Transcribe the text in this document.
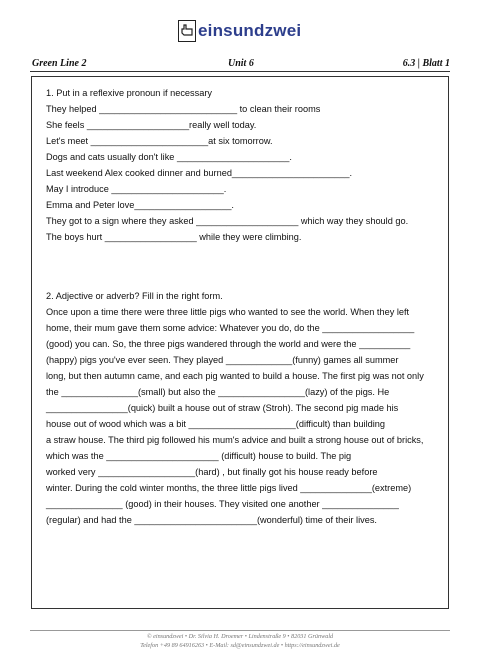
einsundzwei
Green Line 2	Unit 6	6.3 | Blatt 1
1. Put in a reflexive pronoun if necessary
They helped ___________________________ to clean their rooms
She feels ____________________really well today.
Let's meet _______________________at six tomorrow.
Dogs and cats usually don't like ______________________.
Last weekend Alex cooked dinner and burned_______________________.
May I introduce ______________________.
Emma and Peter love___________________.
They got to a sign where they asked ____________________ which way they should go.
The boys hurt __________________ while they were climbing.
2. Adjective or adverb? Fill in the right form.
Once upon a time there were three little pigs who wanted to see the world. When they left
home, their mum gave them some advice: Whatever you do, do the __________________
(good) you can. So, the three pigs wandered through the world and were the __________
(happy) pigs you've ever seen. They played _____________(funny) games all summer
long, but then autumn came, and each pig wanted to build a house. The first pig was not only
the _______________(small) but also the _________________(lazy) of the pigs. He
________________(quick) built a house out of straw (Stroh). The second pig made his
house out of wood which was a bit _____________________(difficult) than building
a straw house. The third pig followed his mum's advice and built a strong house out of bricks,
which was the ______________________ (difficult) house to build. The pig
worked very ___________________(hard) , but finally got his house ready before
winter. During the cold winter months, the three little pigs lived ______________(extreme)
_______________ (good) in their houses. They visited one another _______________
(regular) and had the ________________________(wonderful) time of their lives.
© einsundzwei • Dr. Silvia H. Droemer • Lindenstraße 9 • 82031 Grünwald
Telefon +49 89 64916263 • E-Mail: sd@einsundzwei.de • https://einsundzwei.de
